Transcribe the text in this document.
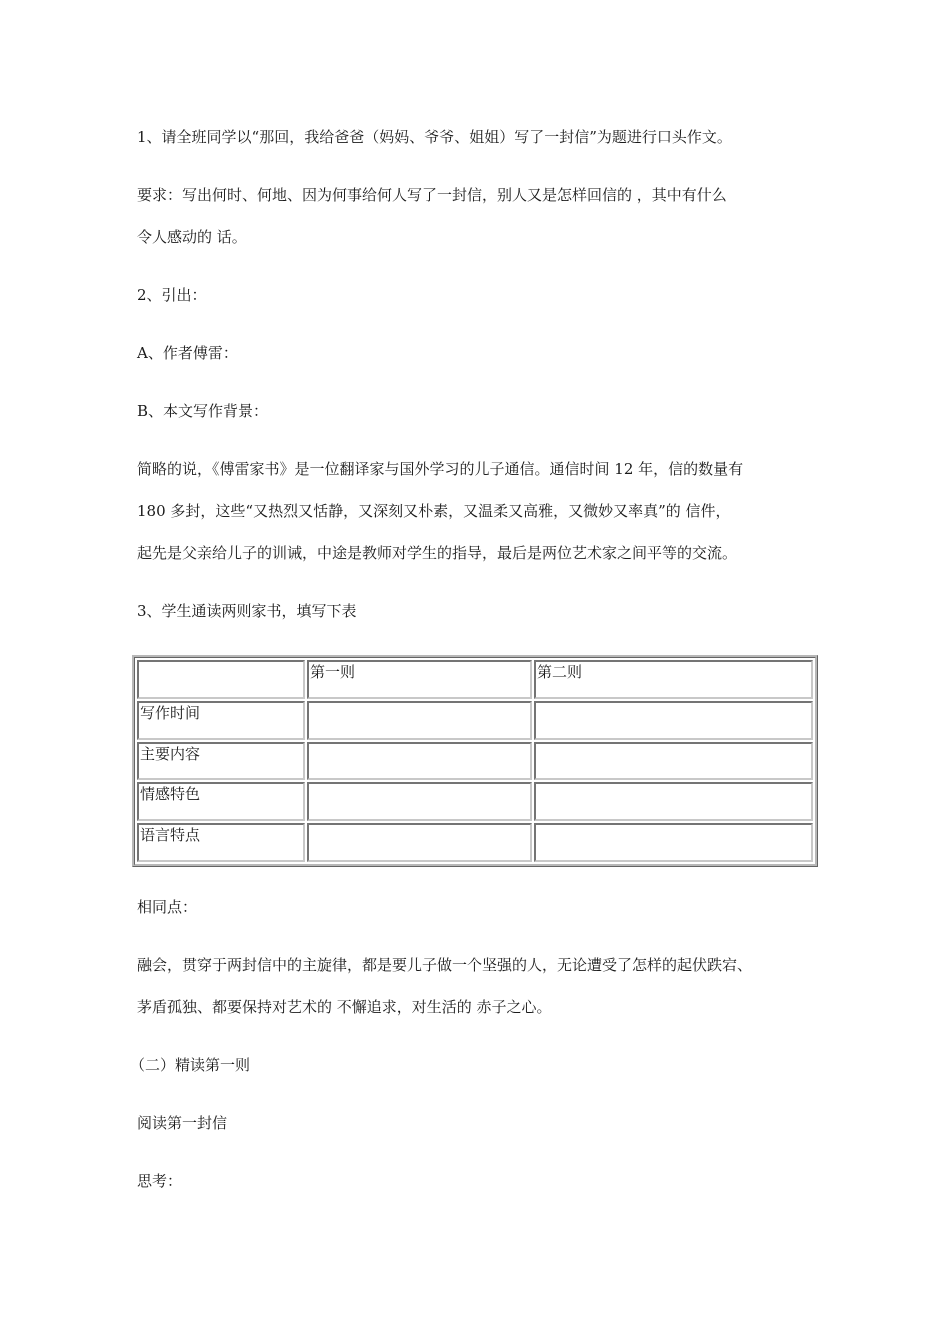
1、请全班同学以“那回，我给爸爸（妈妈、爷爷、姐姐）写了一封信”为题进行口头作文。

要求：写出何时、何地、因为何事给何人写了一封信，别人又是怎样回信的 ，其中有什么

令人感动的 话。

2、引出：

A、作者傅雷：

B、本文写作背景：

简略的说，《傅雷家书》是一位翻译家与国外学习的儿子通信。通信时间 12 年，信的数量有

180 多封，这些“又热烈又恬静，又深刻又朴素，又温柔又高雅，又微妙又率真”的 信件，

起先是父亲给儿子的训诫，中途是教师对学生的指导，最后是两位艺术家之间平等的交流。

3、学生通读两则家书，填写下表

	第一则	第二则
写作时间		
主要内容		
情感特色		
语言特点		

相同点：

融会，贯穿于两封信中的主旋律，都是要儿子做一个坚强的人，无论遭受了怎样的起伏跌宕、

茅盾孤独、都要保持对艺术的 不懈追求，对生活的 赤子之心。

（二）精读第一则

阅读第一封信

思考：
